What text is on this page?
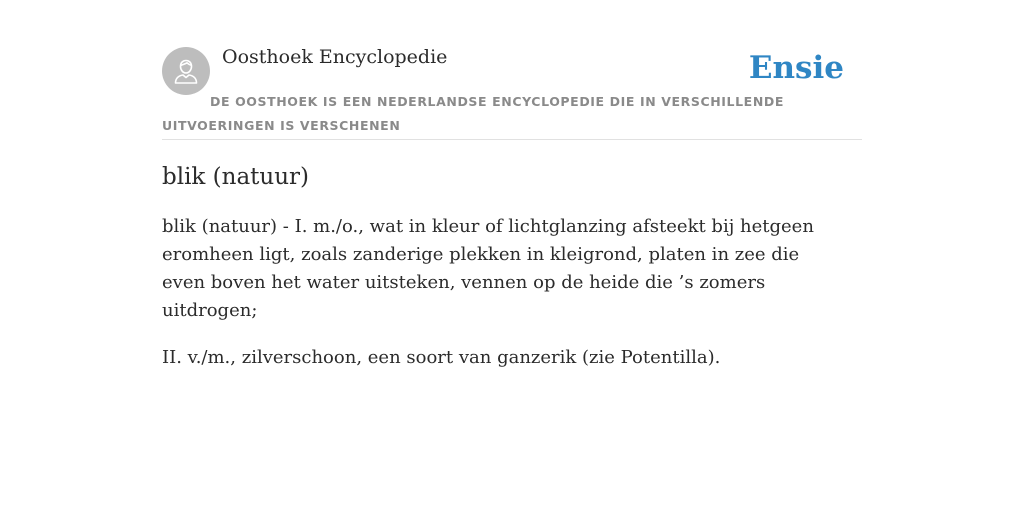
Oosthoek Encyclopedie	Ensie
DE OOSTHOEK IS EEN NEDERLANDSE ENCYCLOPEDIE DIE IN VERSCHILLENDE UITVOERINGEN IS VERSCHENEN
blik (natuur)

blik (natuur) - I. m./o., wat in kleur of lichtglanzing afsteekt bij hetgeen eromheen ligt, zoals zanderige plekken in kleigrond, platen in zee die even boven het water uitsteken, vennen op de heide die ’s zomers uitdrogen;

II. v./m., zilverschoon, een soort van ganzerik (zie Potentilla).
